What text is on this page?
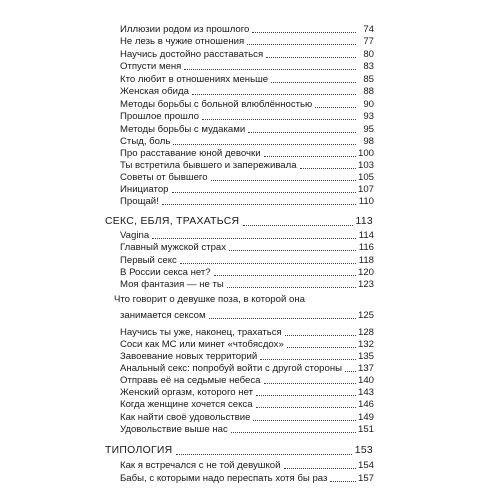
Иллюзии родом из прошлого	74
Не лезь в чужие отношения	77
Научись достойно расставаться	80
Отпусти меня	83
Кто любит в отношениях меньше	85
Женская обида	88
Методы борьбы с больной влюблённостью	90
Прошлое прошло	93
Методы борьбы с мудаками	95
Стыд, боль	98
Про расставание юной девочки	100
Ты встретила бывшего и запереживала	103
Советы от бывшего	105
Инициатор	107
Прощай!	110
СЕКС, ЕБЛЯ, ТРАХАТЬСЯ	113
Vagina	114
Главный мужской страх	116
Первый секс	118
В России секса нет?	120
Моя фантазия — не ты	123
Что говорит о девушке поза, в которой она
занимается сексом	125
Научись ты уже, наконец, трахаться	128
Соси как МС или минет «чтобясдох»	132
Завоевание новых территорий	135
Анальный секс: попробуй войти с другой стороны 137
Отправь её на седьмые небеса	140
Женский оргазм, которого нет	143
Когда женщине хочется секса	146
Как найти своё удовольствие	149
Удовольствие выше нас	151
ТИПОЛОГИЯ	153
Как я встречался с не той девушкой	154
Бабы, с которыми надо переспать хотя бы раз	157
